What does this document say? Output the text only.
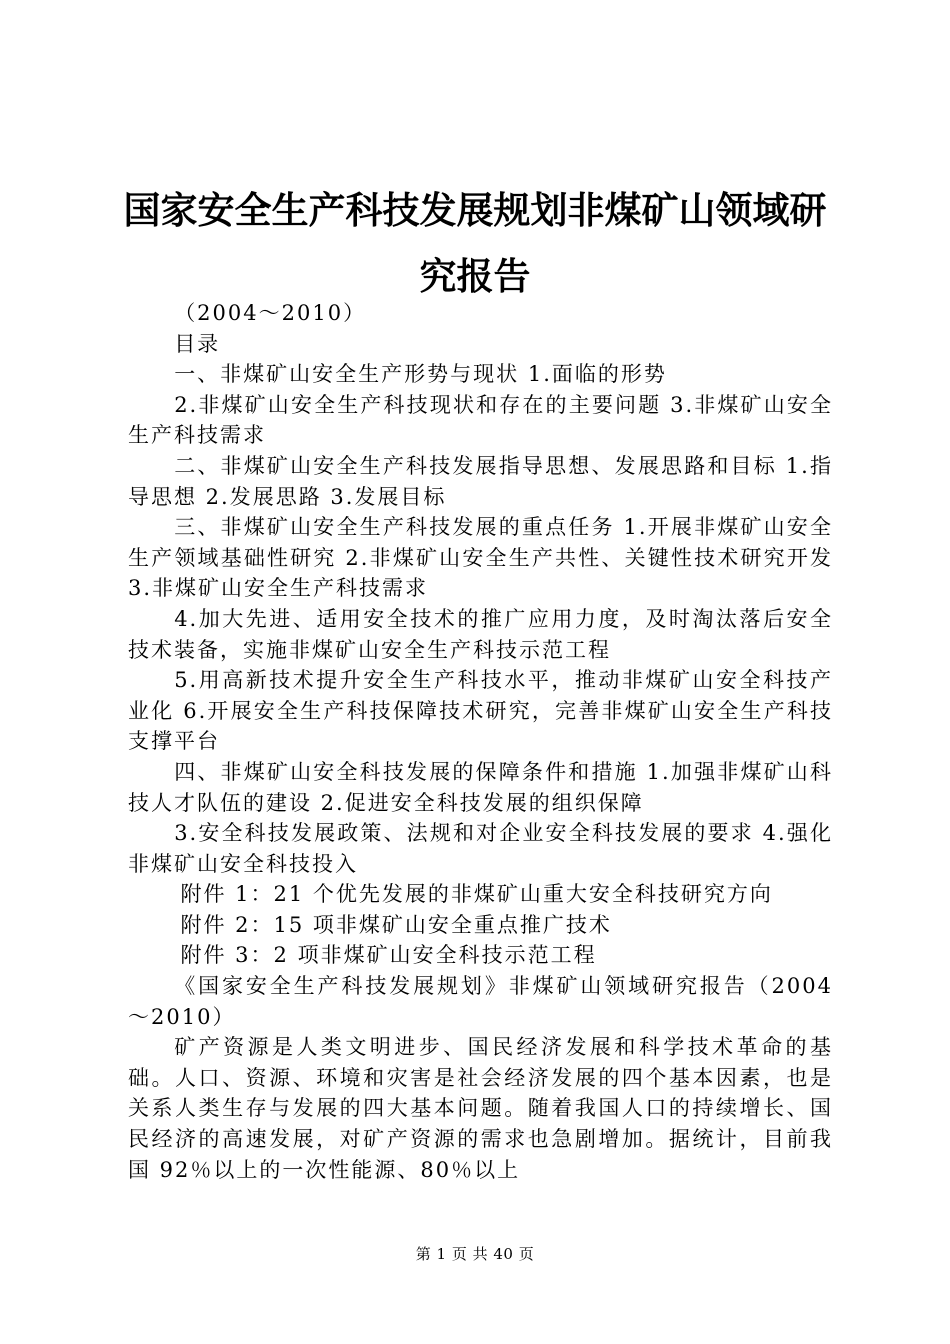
国家安全生产科技发展规划非煤矿山领域研究报告

（2004～2010）

目录

一、非煤矿山安全生产形势与现状 1.面临的形势

2.非煤矿山安全生产科技现状和存在的主要问题 3.非煤矿山安全生产科技需求

二、非煤矿山安全生产科技发展指导思想、发展思路和目标 1.指导思想 2.发展思路 3.发展目标

三、非煤矿山安全生产科技发展的重点任务 1.开展非煤矿山安全生产领域基础性研究 2.非煤矿山安全生产共性、关键性技术研究开发 3.非煤矿山安全生产科技需求

4.加大先进、适用安全技术的推广应用力度，及时淘汰落后安全技术装备，实施非煤矿山安全生产科技示范工程

5.用高新技术提升安全生产科技水平，推动非煤矿山安全科技产业化 6.开展安全生产科技保障技术研究，完善非煤矿山安全生产科技支撑平台

四、非煤矿山安全科技发展的保障条件和措施 1.加强非煤矿山科技人才队伍的建设 2.促进安全科技发展的组织保障

3.安全科技发展政策、法规和对企业安全科技发展的要求 4.强化非煤矿山安全科技投入

附件 1：21 个优先发展的非煤矿山重大安全科技研究方向

附件 2：15 项非煤矿山安全重点推广技术

附件 3：2 项非煤矿山安全科技示范工程

《国家安全生产科技发展规划》非煤矿山领域研究报告（2004～2010）

矿产资源是人类文明进步、国民经济发展和科学技术革命的基础。人口、资源、环境和灾害是社会经济发展的四个基本因素，也是关系人类生存与发展的四大基本问题。随着我国人口的持续增长、国民经济的高速发展，对矿产资源的需求也急剧增加。据统计，目前我国 92％以上的一次性能源、80％以上

第 1 页 共 40 页
